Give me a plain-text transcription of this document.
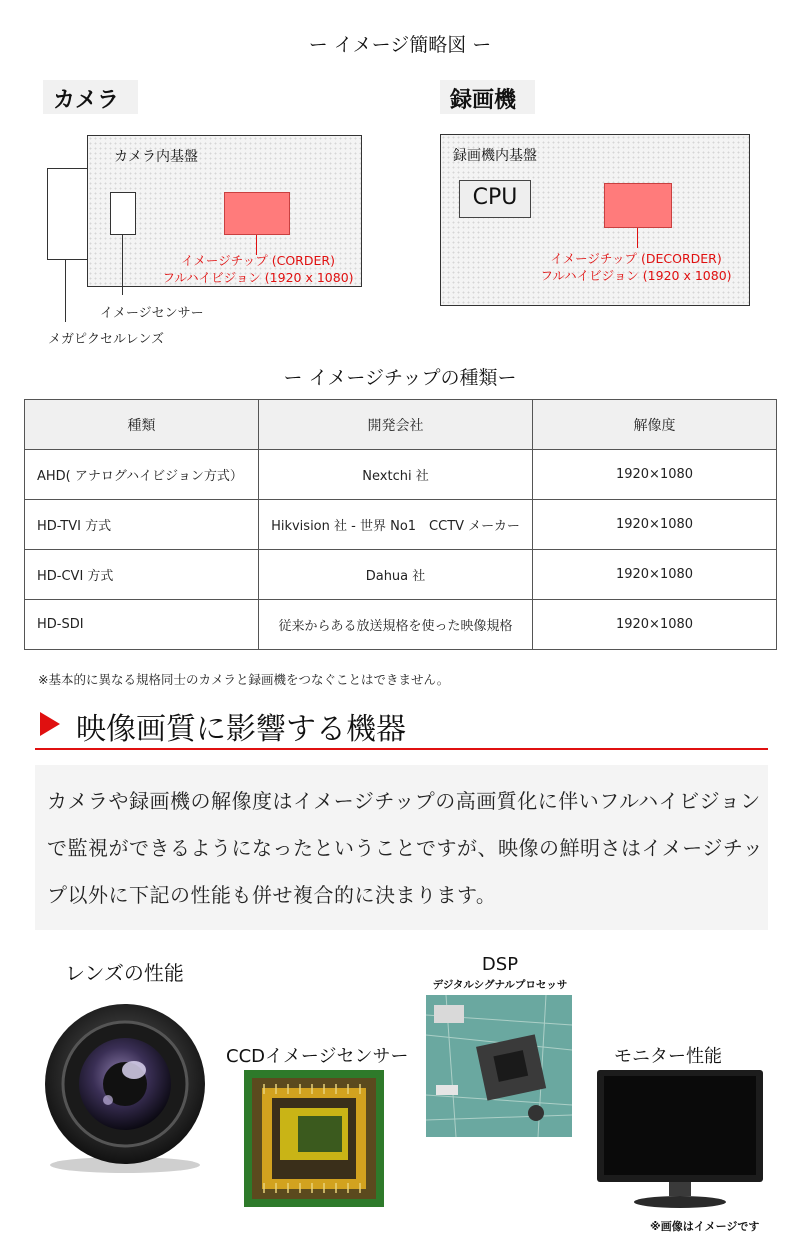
ー イメージ簡略図 ー
カメラ	録画機
カメラ内基盤
イメージチップ (CORDER)
フルハイビジョン (1920 x 1080)
イメージセンサー
メガピクセルレンズ
録画機内基盤
CPU
イメージチップ (DECORDER)
フルハイビジョン (1920 x 1080)
ー イメージチップの種類ー
種類	開発会社	解像度
AHD( アナログハイビジョン方式）	Nextchi 社	1920×1080
HD-TVI 方式	Hikvision 社 - 世界 No1　CCTV メーカー	1920×1080
HD-CVI 方式	Dahua 社	1920×1080
HD-SDI	従来からある放送規格を使った映像規格	1920×1080
※基本的に異なる規格同士のカメラと録画機をつなぐことはできません。
映像画質に影響する機器
カメラや録画機の解像度はイメージチップの高画質化に伴いフルハイビジョン
で監視ができるようになったということですが、映像の鮮明さはイメージチッ
プ以外に下記の性能も併せ複合的に決まります。
レンズの性能
CCDイメージセンサー
DSP
デジタルシグナルプロセッサ
モニター性能
※画像はイメージです
